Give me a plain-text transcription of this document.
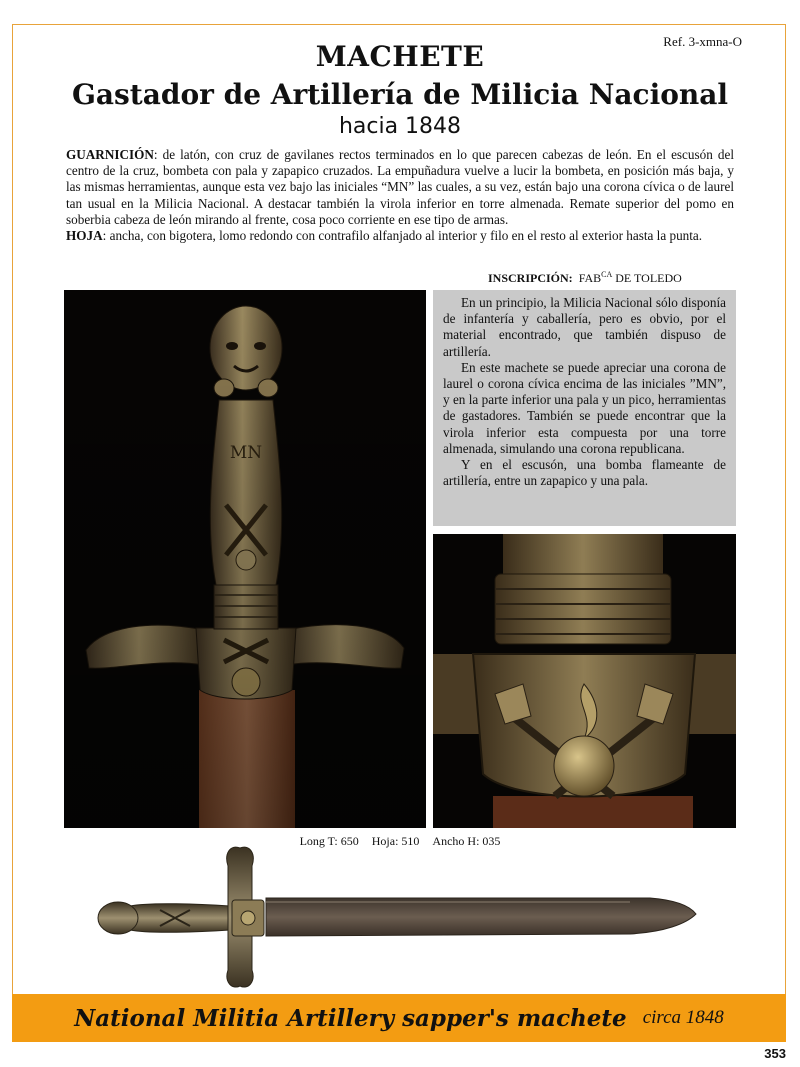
Ref. 3-xmna-O
MACHETE
Gastador de Artillería de Milicia Nacional
hacia 1848
GUARNICIÓN: de latón, con cruz de gavilanes rectos terminados en lo que parecen cabezas de león. En el escusón del centro de la cruz, bombeta con pala y zapapico cruzados. La empuñadura vuelve a lucir la bombeta, en posición más baja, y las mismas herramientas, aunque esta vez bajo las iniciales “MN” las cuales, a su vez, están bajo una corona cívica o de laurel tan usual en la Milicia Nacional. A destacar también la virola inferior en torre almenada. Remate superior del pomo en soberbia cabeza de león mirando al frente, cosa poco corriente en ese tipo de armas.
HOJA: ancha, con bigotera, lomo redondo con contrafilo alfanjado al interior y filo en el resto al exterior hasta la punta.
INSCRIPCIÓN: $FAB^{CA}$ DE TOLEDO

En un principio, la Milicia Nacional sólo disponía de infantería y caballería, pero es obvio, por el material encontrado, que también dispuso de artillería.

En este machete se puede apreciar una corona de laurel o corona cívica encima de las iniciales ”MN”, y en la parte inferior una pala y un pico, herramientas de gastadores. También se puede encontrar que la virola inferior esta compuesta por una torre almenada, simulando una corona republicana.

Y en el escusón, una bomba flameante de artillería, entre un zapapico y una pala.

Long T: 650 Hoja: 510 Ancho H: 035
National Militia Artillery sapper's machete circa 1848
353
